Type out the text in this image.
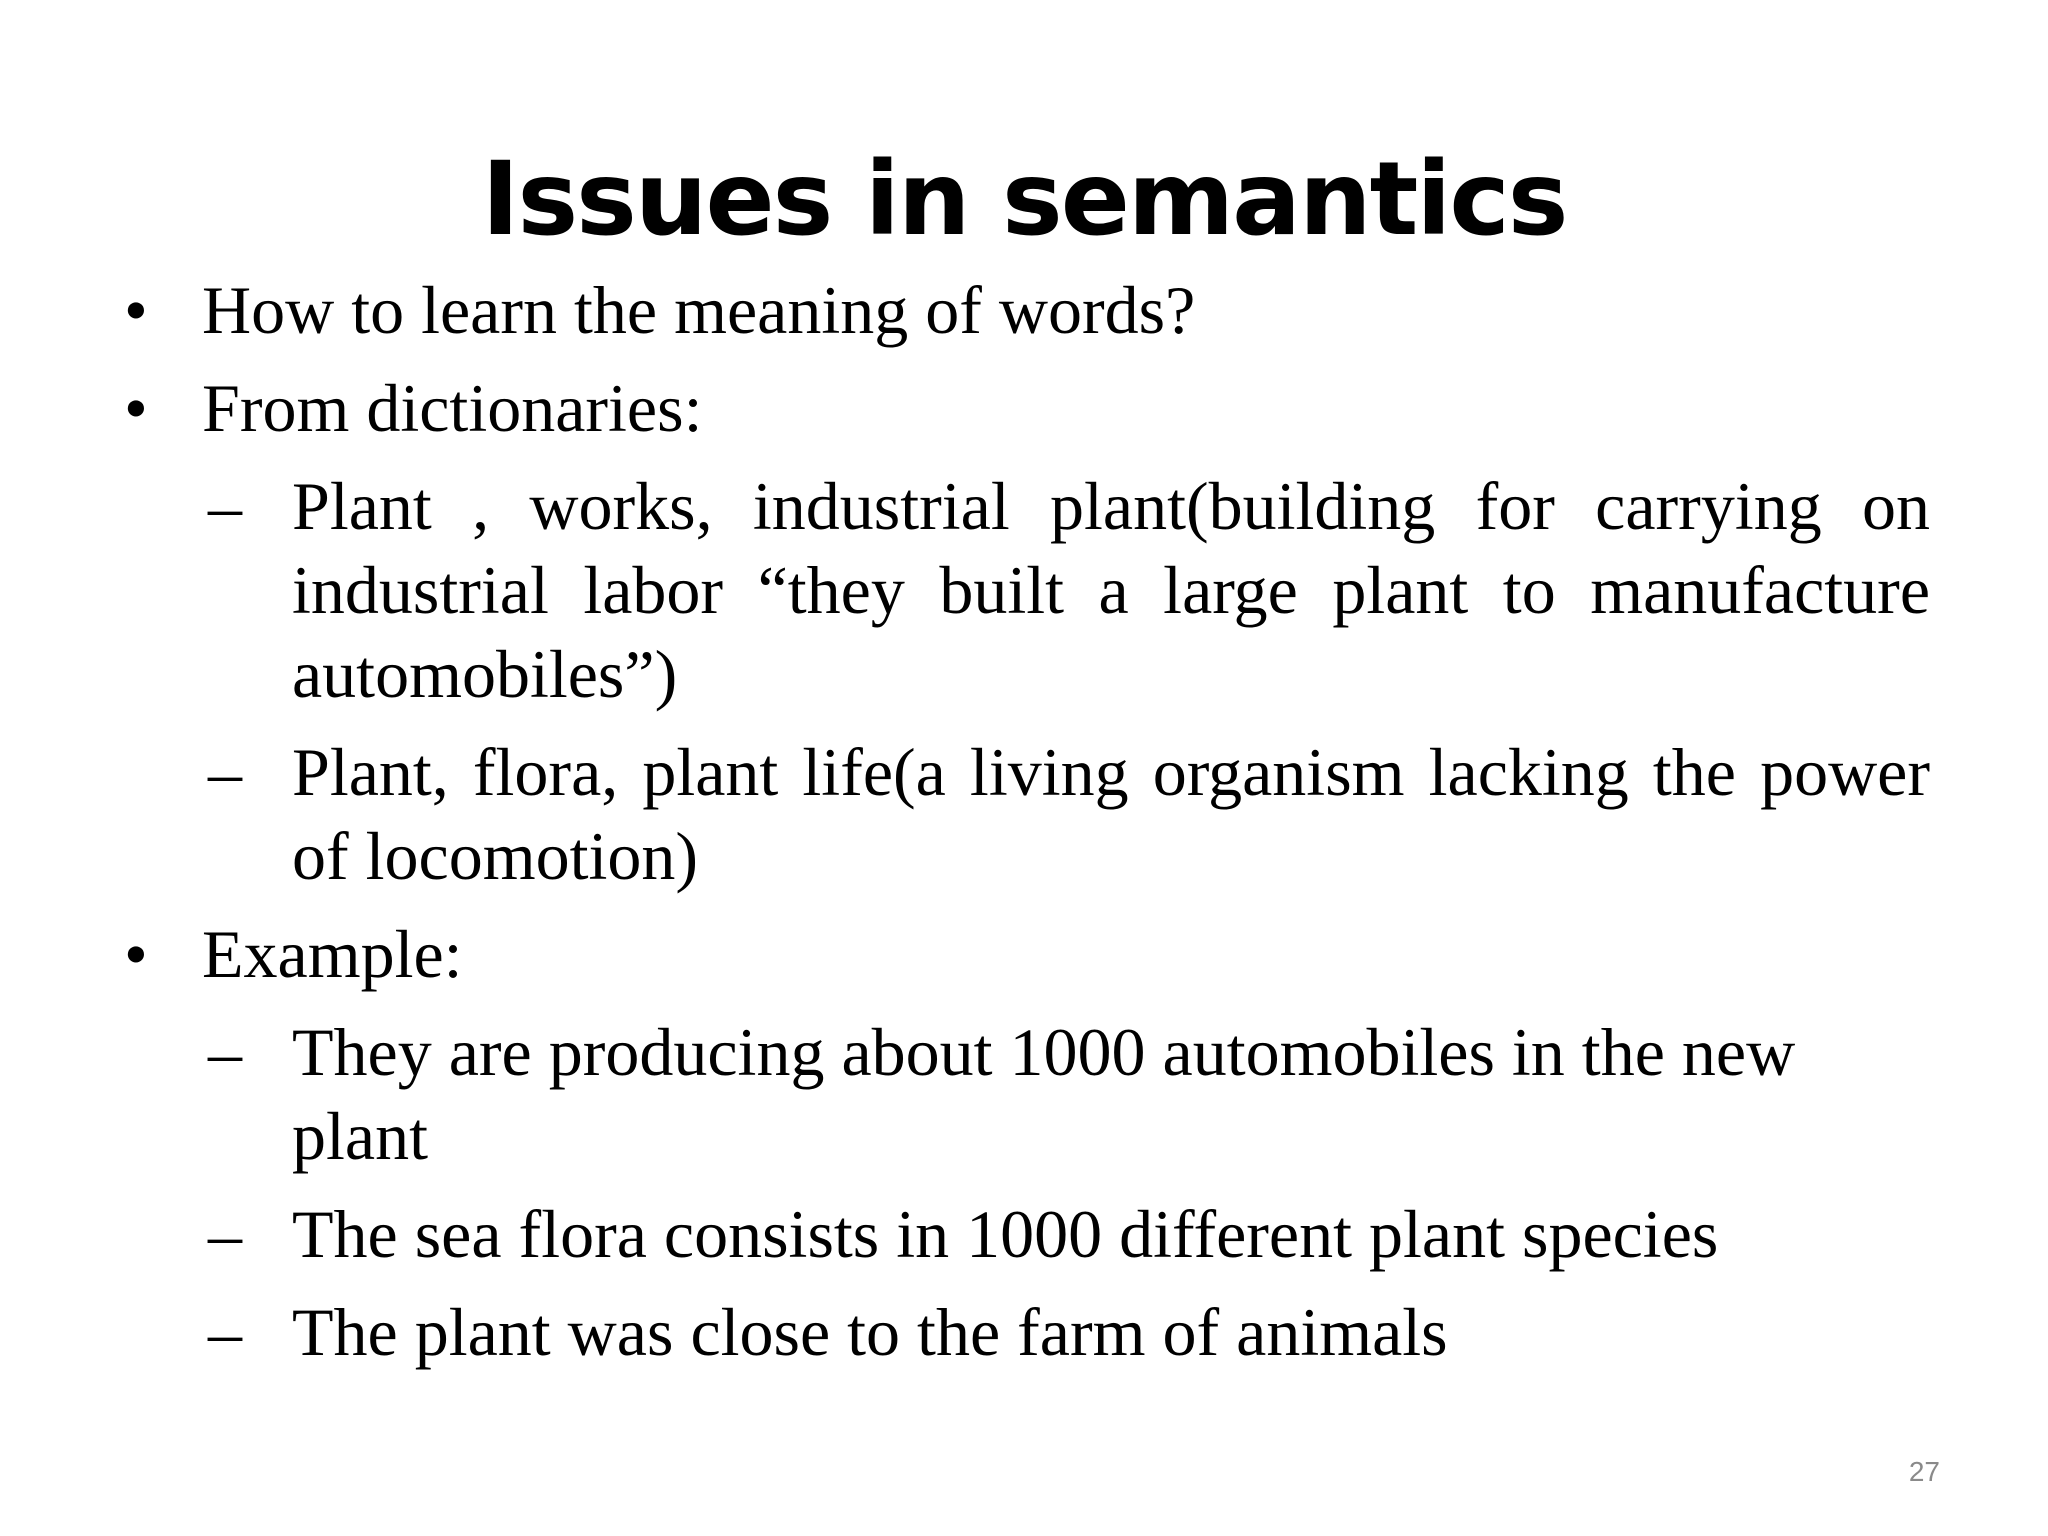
Issues in semantics
• How to learn the meaning of words?
• From dictionaries:
– Plant , works, industrial plant(building for carrying on industrial labor “they built a large plant to manufacture automobiles”)
– Plant, flora, plant life(a living organism lacking the power of locomotion)
• Example:
– They are producing about 1000 automobiles in the new plant
– The sea flora consists in 1000 different plant species
– The plant was close to the farm of animals
27
